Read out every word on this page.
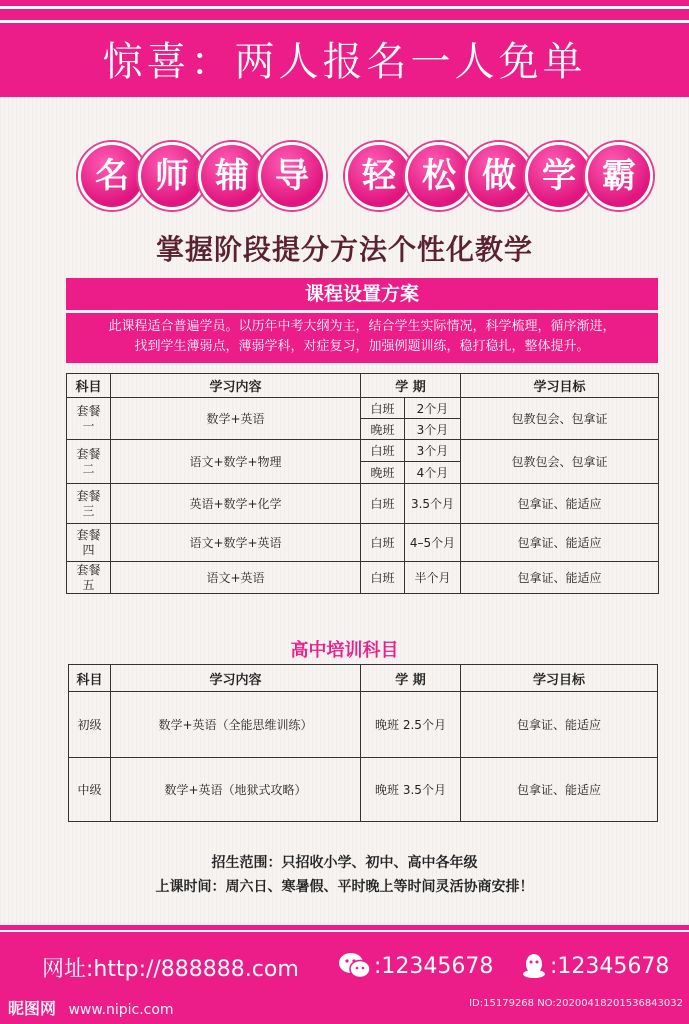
惊喜：两人报名一人免单
名 师 辅 导	轻 松 做 学 霸
掌握阶段提分方法个性化教学
课程设置方案

此课程适合普遍学员。以历年中考大纲为主，结合学生实际情况，科学梳理，循序渐进，

找到学生薄弱点，薄弱学科，对症复习，加强例题训练，稳打稳扎，整体提升。

科目	学习内容	学 期		学习目标

套餐
一	数学+英语	白班	2个月	包教包会、包拿证
		晚班	3个月	

套餐
二	语文+数学+物理	白班	3个月	包教包会、包拿证
		晚班	4个月	

套餐
三	英语+数学+化学	白班	3.5个月	包拿证、能适应

套餐
四	语文+数学+英语	白班	4–5个月	包拿证、能适应

套餐
五	语文+英语	白班	半个月	包拿证、能适应
高中培训科目
科目	学习内容	学 期	学习目标
初级	数学+英语（全能思维训练）	晚班 2.5个月	包拿证、能适应
中级	数学+英语（地狱式攻略）	晚班 3.5个月	包拿证、能适应
招生范围：只招收小学、初中、高中各年级
上课时间：周六日、寒暑假、平时晚上等时间灵活协商安排！
网址:http://888888.com	:12345678	:12345678
昵图网 www.nipic.com	ID:15179268 NO:20200418201536843032
